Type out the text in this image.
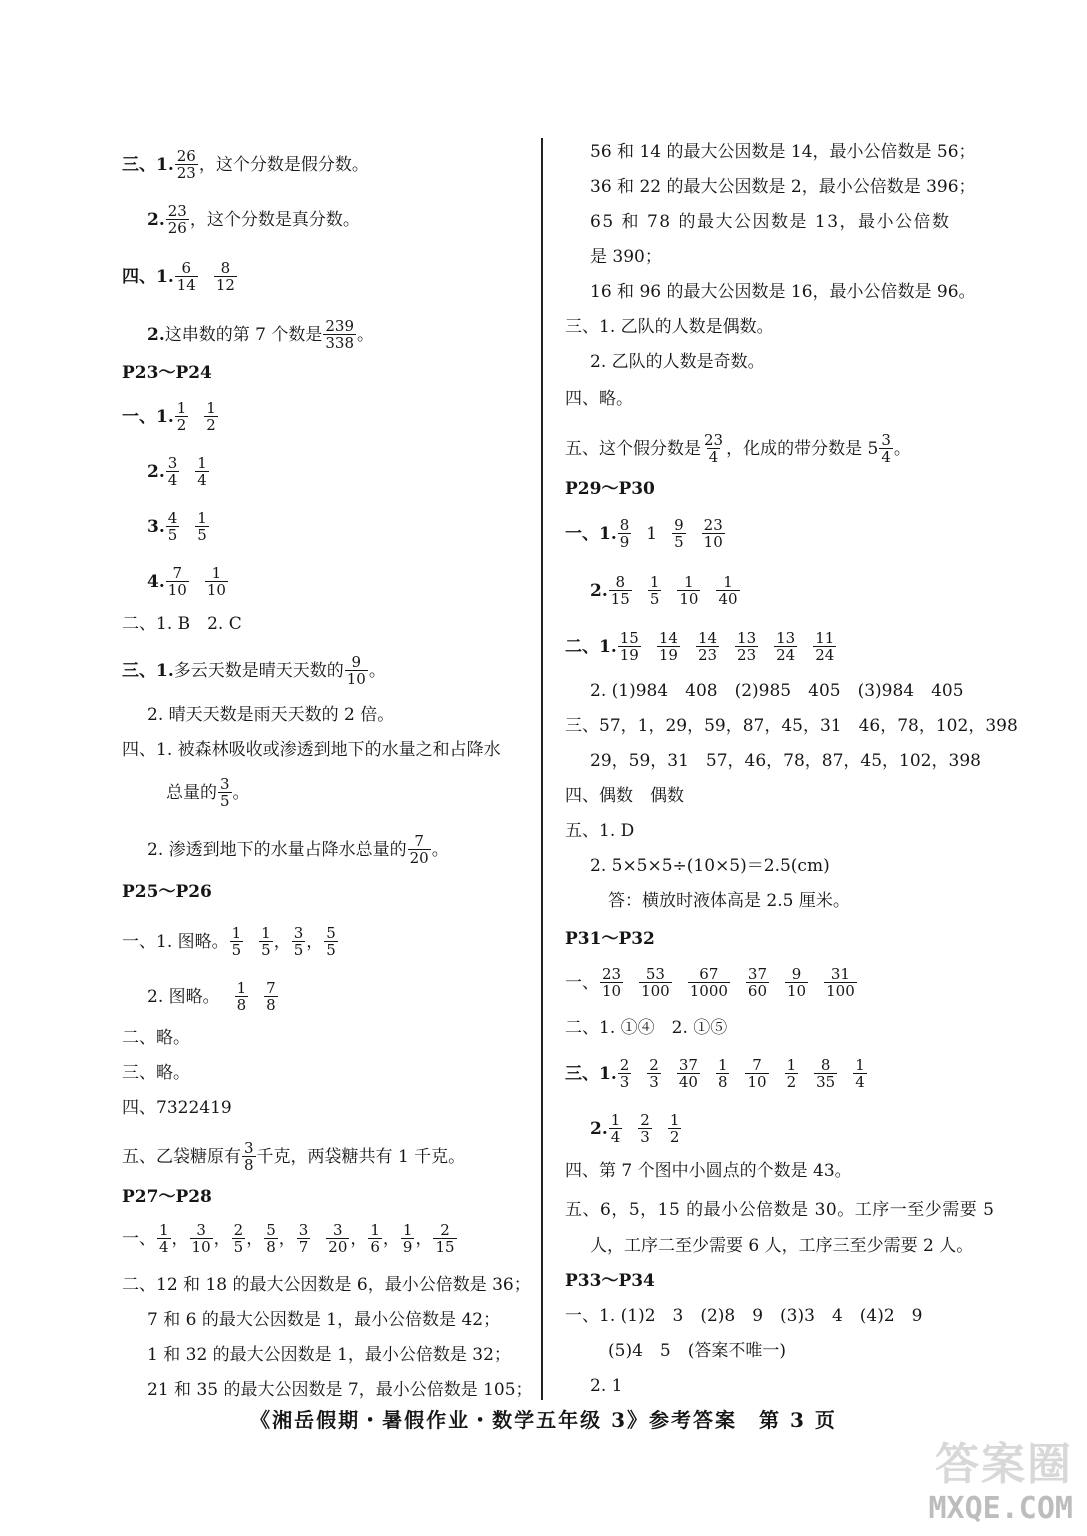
三、1. $\frac{26}{23}$ ，这个分数是假分数。
2. $\frac{23}{26}$ ，这个分数是真分数。
四、1. $\frac{6}{14} \frac{8}{12}$
2. 这串数的第 7 个数是 $\frac{239}{338}$ 。
P23～P24
一、1. $\frac{1}{2} \frac{1}{2}$
2. $\frac{3}{4} \frac{1}{4}$
3. $\frac{4}{5} \frac{1}{5}$
4. $\frac{7}{10} \frac{1}{10}$
二、1. B　2. C
三、1. 多云天数是晴天天数的 $\frac{9}{10}$ 。
2. 晴天天数是雨天天数的 2 倍。
四、1. 被森林吸收或渗透到地下的水量之和占降水
总量的 $\frac{3}{5}$ 。
2. 渗透到地下的水量占降水总量的 $\frac{7}{20}$ 。
P25～P26
一、1. 图略。 $\frac{1}{5} \frac{1}{5}$ ， $\frac{3}{5}$ ， $\frac{5}{5}$
2. 图略。 $\frac{1}{8} \frac{7}{8}$
二、略。
三、略。
四、7322419
五、乙袋糖原有 $\frac{3}{8}$ 千克，两袋糖共有 1 千克。
P27～P28
一、 $\frac{1}{4}$ ， $\frac{3}{10}$ ， $\frac{2}{5}$ ， $\frac{5}{8}$ ， $\frac{3}{7} \frac{3}{20}$ ， $\frac{1}{6}$ ， $\frac{1}{9}$ ， $\frac{2}{15}$
二、12 和 18 的最大公因数是 6，最小公倍数是 36；
7 和 6 的最大公因数是 1，最小公倍数是 42；
1 和 32 的最大公因数是 1，最小公倍数是 32；
21 和 35 的最大公因数是 7，最小公倍数是 105；
56 和 14 的最大公因数是 14，最小公倍数是 56；
36 和 22 的最大公因数是 2，最小公倍数是 396；
65 和 78 的最大公因数是 13，最小公倍数
是 390；
16 和 96 的最大公因数是 16，最小公倍数是 96。
三、1. 乙队的人数是偶数。
2. 乙队的人数是奇数。
四、略。
五、这个假分数是 $\frac{23}{4}$ ，化成的带分数是 $5 \frac{3}{4}$ 。
P29～P30
一、1. $\frac{8}{9} 1 \frac{9}{5} \frac{23}{10}$
2. $\frac{8}{15} \frac{1}{5} \frac{1}{10} \frac{1}{40}$
二、1. $\frac{15}{19} \frac{14}{19} \frac{14}{23} \frac{13}{23} \frac{13}{24} \frac{11}{24}$
2. (1)984　408　(2)985　405　(3)984　405
三、57，1，29，59，87，45，31　46，78，102，398
29，59，31　57，46，78，87，45，102，398
四、偶数　偶数
五、1. D
2. 5×5×5÷(10×5)＝2.5(cm)
答：横放时液体高是 2.5 厘米。
P31～P32
一、 $\frac{23}{10} \frac{53}{100} \frac{67}{1000} \frac{37}{60} \frac{9}{10} \frac{31}{100}$
二、1. ①④　2. ①⑤
三、1. $\frac{2}{3} \frac{2}{3} \frac{37}{40} \frac{1}{8} \frac{7}{10} \frac{1}{2} \frac{8}{35} \frac{1}{4}$
2. $\frac{1}{4} \frac{2}{3} \frac{1}{2}$
四、第 7 个图中小圆点的个数是 43。
五、6，5，15 的最小公倍数是 30。工序一至少需要 5
人，工序二至少需要 6 人，工序三至少需要 2 人。
P33～P34
一、1. (1)2　3　(2)8　9　(3)3　4　(4)2　9
(5)4　5　(答案不唯一)
2. 1
《湘岳假期・暑假作业・数学五年级 3》参考答案　第 3 页
答案圈
MXQE.COM
